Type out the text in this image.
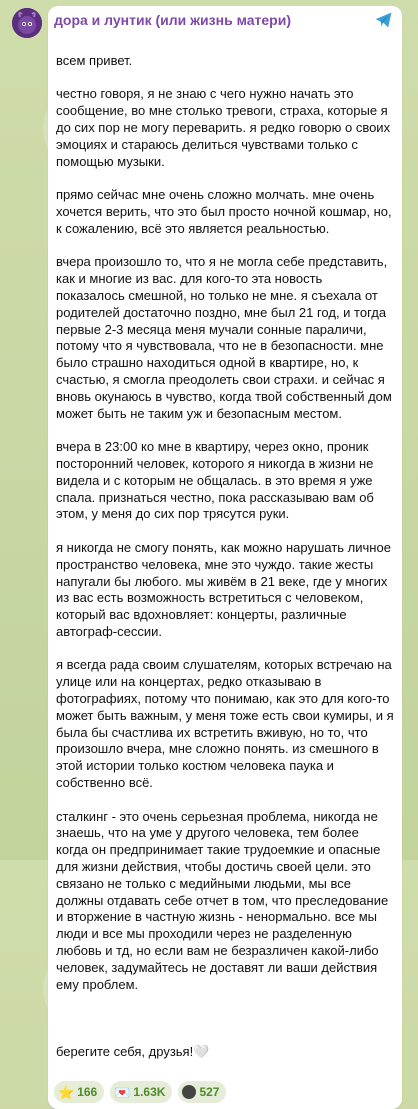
дора и лунтик (или жизнь матери)

всем привет.

честно говоря, я не знаю с чего нужно начать это сообщение, во мне столько тревоги, страха, которые я до сих пор не могу переварить. я редко говорю о своих эмоциях и стараюсь делиться чувствами только с помощью музыки.

прямо сейчас мне очень сложно молчать. мне очень хочется верить, что это был просто ночной кошмар, но, к сожалению, всё это является реальностью.

вчера произошло то, что я не могла себе представить, как и многие из вас. для кого-то эта новость показалось смешной, но только не мне. я съехала от родителей достаточно поздно, мне был 21 год, и тогда первые 2-3 месяца меня мучали сонные параличи, потому что я чувствовала, что не в безопасности. мне было страшно находиться одной в квартире, но, к счастью, я смогла преодолеть свои страхи. и сейчас я вновь окунаюсь в чувство, когда твой собственный дом может быть не таким уж и безопасным местом.

вчера в 23:00 ко мне в квартиру, через окно, проник посторонний человек, которого я никогда в жизни не видела и с которым не общалась. в это время я уже спала. признаться честно, пока рассказываю вам об этом, у меня до сих пор трясутся руки.

я никогда не смогу понять, как можно нарушать личное пространство человека, мне это чуждо. такие жесты напугали бы любого. мы живём в 21 веке, где у многих из вас есть возможность встретиться с человеком, который вас вдохновляет: концерты, различные автограф-сессии.

я всегда рада своим слушателям, которых встречаю на улице или на концертах, редко отказываю в фотографиях, потому что понимаю, как это для кого-то может быть важным, у меня тоже есть свои кумиры, и я была бы счастлива их встретить вживую, но то, что произошло вчера, мне сложно понять. из смешного в этой истории только костюм человека паука и собственно всё.

сталкинг - это очень серьезная проблема, никогда не знаешь, что на уме у другого человека, тем более когда он предпринимает такие трудоемкие и опасные для жизни действия, чтобы достичь своей цели. это связано не только с медийными людьми, мы все должны отдавать себе отчет в том, что преследование и вторжение в частную жизнь - ненормально. все мы люди и все мы проходили через не разделенную любовь и тд, но если вам не безразличен какой-либо человек, задумайтесь не доставят ли ваши действия ему проблем.

берегите себя, друзья!🤍

⭐ 166 💌 1.63K	527
